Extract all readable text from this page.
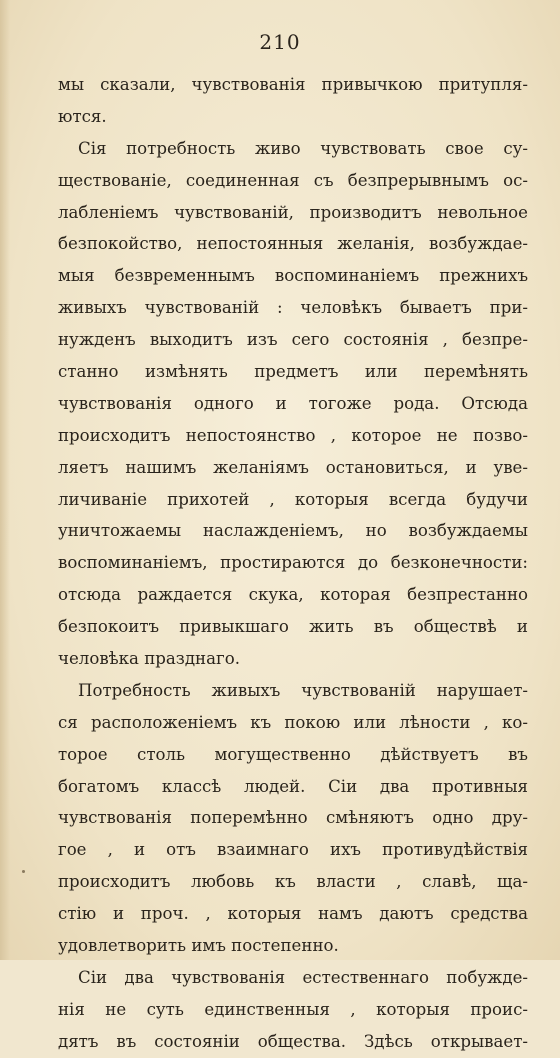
210
мы сказали, чувствованія привычкою притупля-
ются.
Сія потребность живо чувствовать свое су-
ществованіе, соединенная съ безпрерывнымъ ос-
лабленіемъ чувствованій, производитъ невольное
безпокойство, непостоянныя желанія, возбуждае-
мыя безвременнымъ воспоминаніемъ прежнихъ
живыхъ чувствованій : человѣкъ бываетъ при-
нужденъ выходитъ изъ сего состоянія , безпре-
станно измѣнять предметъ или перемѣнять
чувствованія одного и тогоже рода. Отсюда
происходитъ непостоянство , которое не позво-
ляетъ нашимъ желаніямъ остановиться, и уве-
личиваніе прихотей , которыя всегда будучи
уничтожаемы наслажденіемъ, но возбуждаемы
воспоминаніемъ, простираются до безконечности:
отсюда раждается скука, которая безпрестанно
безпокоитъ привыкшаго жить въ обществѣ и
человѣка празднаго.
Потребность живыхъ чувствованій нарушает-
ся расположеніемъ къ покою или лѣности , ко-
торое столь могущественно дѣйствуетъ въ
богатомъ классѣ людей. Сіи два противныя
чувствованія поперемѣнно смѣняютъ одно дру-
гое , и отъ взаимнаго ихъ противудѣйствія
происходитъ любовь къ власти , славѣ, ща-
стію и проч. , которыя намъ даютъ средства
удовлетворить имъ постепенно.
Сіи два чувствованія естественнаго побужде-
нія не суть единственныя , которыя проис-
дятъ въ состояніи общества. Здѣсь открывает-
